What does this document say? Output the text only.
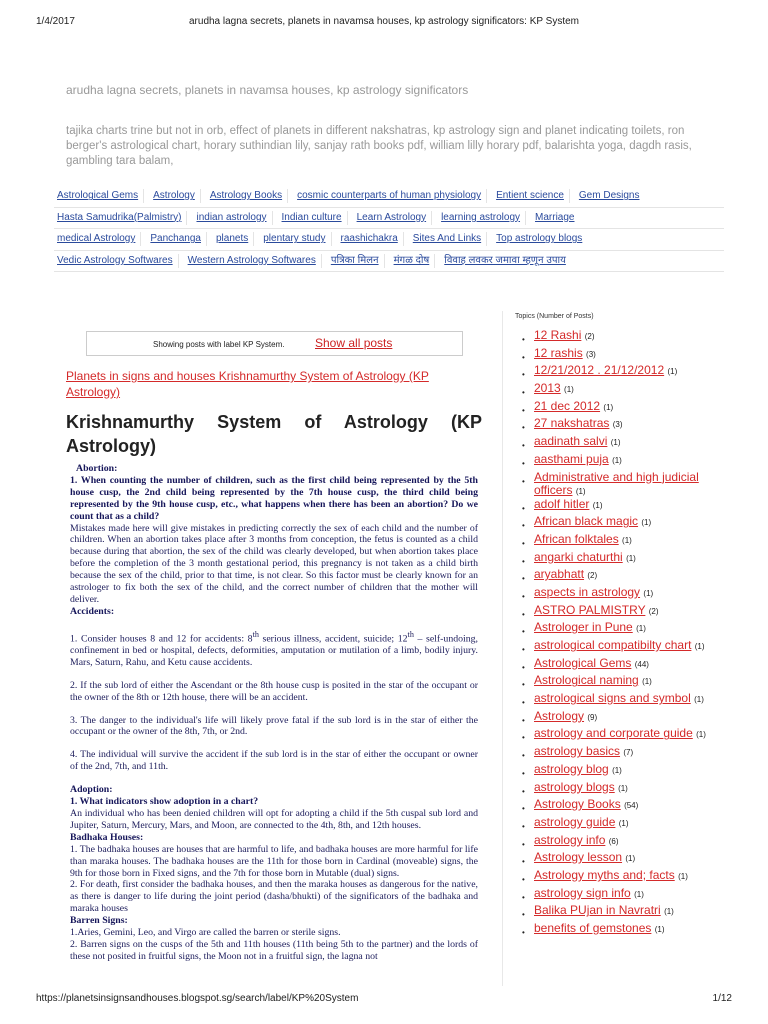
1/4/2017	arudha lagna secrets, planets in navamsa houses, kp astrology significators: KP System
arudha lagna secrets, planets in navamsa houses, kp astrology significators
tajika charts trine but not in orb, effect of planets in different nakshatras, kp astrology sign and planet indicating toilets, ron berger's astrological chart, horary suthindian lily, sanjay rath books pdf, william lilly horary pdf, balarishta yoga, dagdh rasis, gambling tara balam,
Astrological Gems	Astrology	Astrology Books	cosmic counterparts of human physiology	Entient science	Gem Designs
Hasta Samudrika(Palmistry)	indian astrology	Indian culture	Learn Astrology	learning astrology	Marriage
medical Astrology	Panchanga	planets	plentary study	raashichakra	Sites And Links	Top astrology blogs
Vedic Astrology Softwares	Western Astrology Softwares	पत्रिका मिलन	मंगळ दोष	विवाह लवकर जमावा म्हणून उपाय
Showing posts with label KP System.	Show all posts
Planets in signs and houses Krishnamurthy System of Astrology (KP Astrology)
Krishnamurthy System of Astrology (KP
Astrology)

Abortion:

1. When counting the number of children, such as the first child being represented by the 5th house cusp, the 2nd child being represented by the 7th house cusp, the third child being represented by the 9th house cusp, etc., what happens when there has been an abortion? Do we count that as a child?

Mistakes made here will give mistakes in predicting correctly the sex of each child and the number of children. When an abortion takes place after 3 months from conception, the fetus is counted as a child because during that abortion, the sex of the child was clearly developed, but when abortion takes place before the completion of the 3 month gestational period, this pregnancy is not taken as a child birth because the sex of the child, prior to that time, is not clear. So this factor must be clearly known for an astrologer to fix both the sex of the child, and the correct number of children that the mother will deliver.

Accidents:

1. Consider houses 8 and 12 for accidents: 8th serious illness, accident, suicide; 12th – self-undoing, confinement in bed or hospital, defects, deformities, amputation or mutilation of a limb, bodily injury. Mars, Saturn, Rahu, and Ketu cause accidents.

2. If the sub lord of either the Ascendant or the 8th house cusp is posited in the star of the occupant or the owner of the 8th or 12th house, there will be an accident.

3. The danger to the individual's life will likely prove fatal if the sub lord is in the star of either the occupant or the owner of the 8th, 7th, or 2nd.

4. The individual will survive the accident if the sub lord is in the star of either the occupant or owner of the 2nd, 7th, and 11th.

Adoption:

1. What indicators show adoption in a chart?

An individual who has been denied children will opt for adopting a child if the 5th cuspal sub lord and Jupiter, Saturn, Mercury, Mars, and Moon, are connected to the 4th, 8th, and 12th houses.

Badhaka Houses:

1. The badhaka houses are houses that are harmful to life, and badhaka houses are more harmful for life than maraka houses. The badhaka houses are the 11th for those born in Cardinal (moveable) signs, the 9th for those born in Fixed signs, and the 7th for those born in Mutable (dual) signs.

2. For death, first consider the badhaka houses, and then the maraka houses as dangerous for the native, as there is danger to life during the joint period (dasha/bhukti) of the significators of the badhaka and maraka houses

Barren Signs:

1.Aries, Gemini, Leo, and Virgo are called the barren or sterile signs.

2. Barren signs on the cusps of the 5th and 11th houses (11th being 5th to the partner) and the lords of these not posited in fruitful signs, the Moon not in a fruitful sign, the lagna not

Topics (Number of Posts)
• 12 Rashi (2)
• 12 rashis (3)
• 12/21/2012 . 21/12/2012 (1)
• 2013 (1)
• 21 dec 2012 (1)
• 27 nakshatras (3)
• aadinath salvi (1)
• aasthami puja (1)
• Administrative and high judicial officers (1)
• adolf hitler (1)
• African black magic (1)
• African folktales (1)
• angarki chaturthi (1)
• aryabhatt (2)
• aspects in astrology (1)
• ASTRO PALMISTRY (2)
• Astrologer in Pune (1)
• astrological compatibilty chart (1)
• Astrological Gems (44)
• Astrological naming (1)
• astrological signs and symbol (1)
• Astrology (9)
• astrology and corporate guide (1)
• astrology basics (7)
• astrology blog (1)
• astrology blogs (1)
• Astrology Books (54)
• astrology guide (1)
• astrology info (6)
• Astrology lesson (1)
• Astrology myths and; facts (1)
• astrology sign info (1)
• Balika PUjan in Navratri (1)
• benefits of gemstones (1)
https://planetsinsignsandhouses.blogspot.sg/search/label/KP%20System	1/12
